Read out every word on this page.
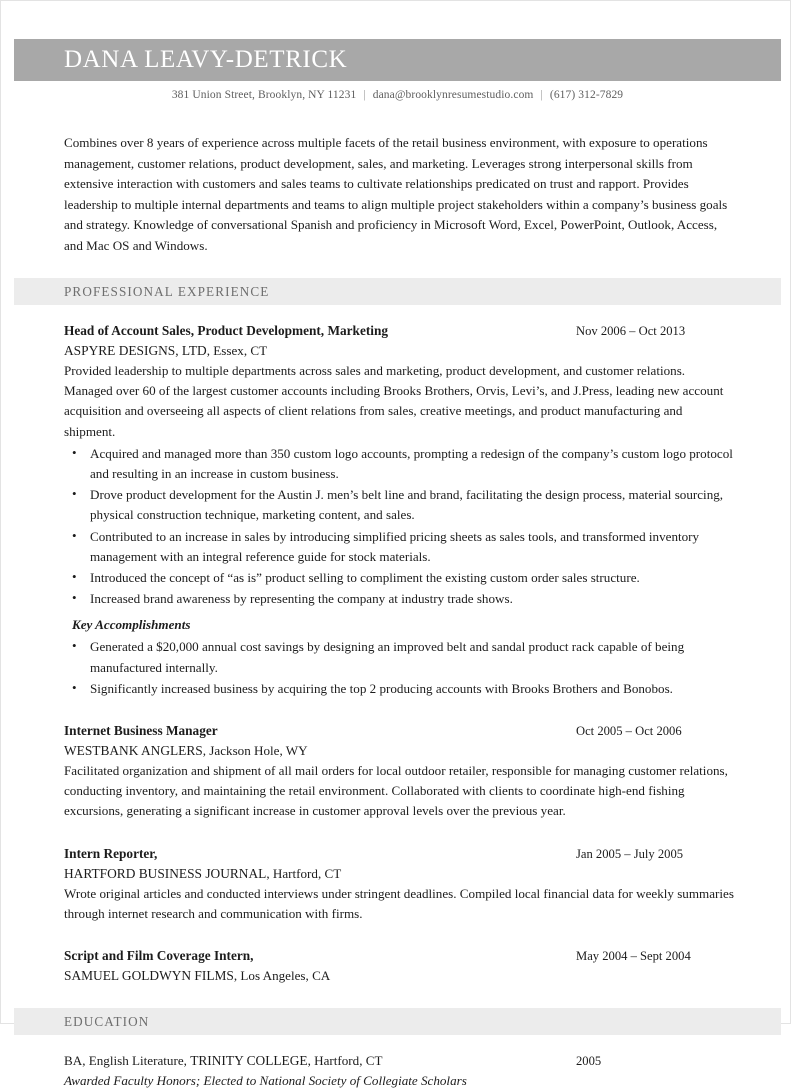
DANA LEAVY-DETRICK
381 Union Street, Brooklyn, NY 11231 | dana@brooklynresumestudio.com | (617) 312-7829
Combines over 8 years of experience across multiple facets of the retail business environment, with exposure to operations management, customer relations, product development, sales, and marketing. Leverages strong interpersonal skills from extensive interaction with customers and sales teams to cultivate relationships predicated on trust and rapport. Provides leadership to multiple internal departments and teams to align multiple project stakeholders within a company’s business goals and strategy. Knowledge of conversational Spanish and proficiency in Microsoft Word, Excel, PowerPoint, Outlook, Access, and Mac OS and Windows.
PROFESSIONAL EXPERIENCE
Head of Account Sales, Product Development, Marketing	Nov 2006 – Oct 2013
ASPYRE DESIGNS, LTD, Essex, CT
Provided leadership to multiple departments across sales and marketing, product development, and customer relations. Managed over 60 of the largest customer accounts including Brooks Brothers, Orvis, Levi’s, and J.Press, leading new account acquisition and overseeing all aspects of client relations from sales, creative meetings, and product manufacturing and shipment.
• Acquired and managed more than 350 custom logo accounts, prompting a redesign of the company’s custom logo protocol and resulting in an increase in custom business.
• Drove product development for the Austin J. men’s belt line and brand, facilitating the design process, material sourcing, physical construction technique, marketing content, and sales.
• Contributed to an increase in sales by introducing simplified pricing sheets as sales tools, and transformed inventory management with an integral reference guide for stock materials.
• Introduced the concept of “as is” product selling to compliment the existing custom order sales structure.
• Increased brand awareness by representing the company at industry trade shows.
Key Accomplishments
• Generated a $20,000 annual cost savings by designing an improved belt and sandal product rack capable of being manufactured internally.
• Significantly increased business by acquiring the top 2 producing accounts with Brooks Brothers and Bonobos.
Internet Business Manager	Oct 2005 – Oct 2006
WESTBANK ANGLERS, Jackson Hole, WY
Facilitated organization and shipment of all mail orders for local outdoor retailer, responsible for managing customer relations, conducting inventory, and maintaining the retail environment. Collaborated with clients to coordinate high-end fishing excursions, generating a significant increase in customer approval levels over the previous year.
Intern Reporter,	Jan 2005 – July 2005
HARTFORD BUSINESS JOURNAL, Hartford, CT
Wrote original articles and conducted interviews under stringent deadlines. Compiled local financial data for weekly summaries through internet research and communication with firms.
Script and Film Coverage Intern,	May 2004 – Sept 2004
SAMUEL GOLDWYN FILMS, Los Angeles, CA
EDUCATION
BA, English Literature, TRINITY COLLEGE, Hartford, CT	2005
Awarded Faculty Honors; Elected to National Society of Collegiate Scholars
